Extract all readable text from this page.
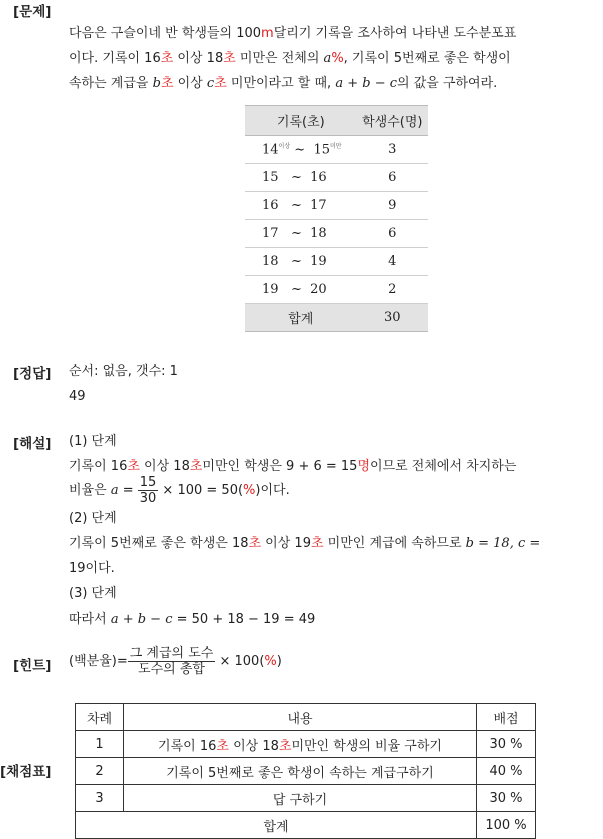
[문제]
다음은 구슬이네 반 학생들의 100m달리기 기록을 조사하여 나타낸 도수분포표
이다. 기록이 16초 이상 18초 미만은 전체의 a%, 기록이 5번째로 좋은 학생이
속하는 계급을 b초 이상 c초 미만이라고 할 때, a + b − c의 값을 구하여라.
기록(초)	학생수(명)
$14^{이상}$ ~ $15^{미만}$	3
15 ~ 16	6
16 ~ 17	9
17 ~ 18	6
18 ~ 19	4
19 ~ 20	2
합계	30
[정답] 순서: 없음, 갯수: 1
49
[해설] (1) 단계
기록이 16초 이상 18초미만인 학생은 9 + 6 = 15명이므로 전체에서 차지하는
비율은 $a = \frac{15}{30} \times 100 = 50(\%)$이다.
(2) 단계
기록이 5번째로 좋은 학생은 18초 이상 19초 미만인 계급에 속하므로 b = 18, c =
19이다.
(3) 단계
따라서 a + b − c = 50 + 18 − 19 = 49
[힌트] (백분율)= $\frac{\text{그 계급의 도수}}{\text{도수의 총합}} \times 100(\%)$
[채점표]
차례	내용	배점
1	기록이 16초 이상 18초미만인 학생의 비율 구하기	30 %
2	기록이 5번째로 좋은 학생이 속하는 계급구하기	40 %
3	답 구하기	30 %
합계		100 %
